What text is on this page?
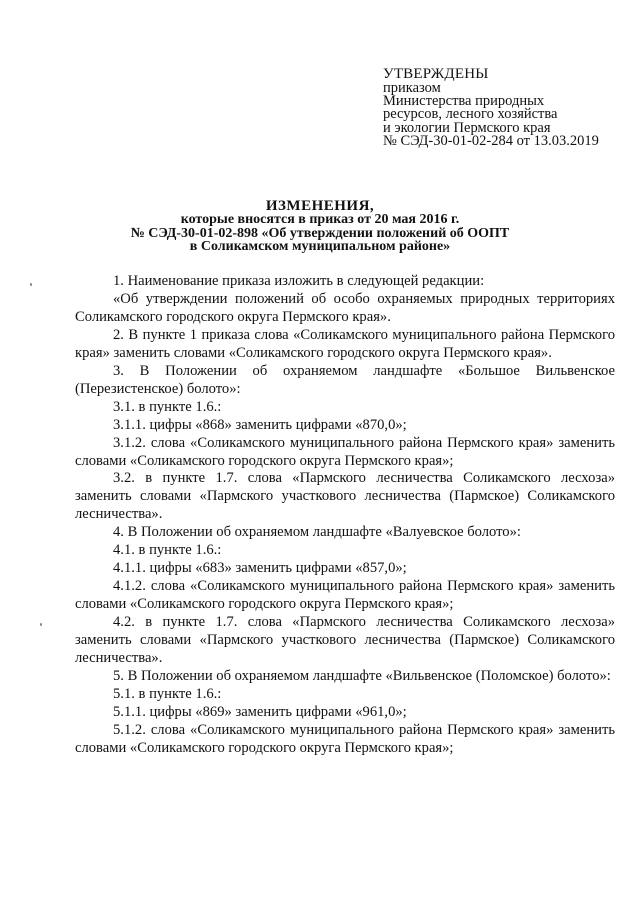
УТВЕРЖДЕНЫ
приказом
Министерства природных
ресурсов, лесного хозяйства
и экологии Пермского края
№ СЭД-30-01-02-284 от 13.03.2019
ИЗМЕНЕНИЯ,
которые вносятся в приказ от 20 мая 2016 г.
№ СЭД-30-01-02-898 «Об утверждении положений об ООПТ
в Соликамском муниципальном районе»

1. Наименование приказа изложить в следующей редакции:

«Об утверждении положений об особо охраняемых природных территориях Соликамского городского округа Пермского края».

2. В пункте 1 приказа слова «Соликамского муниципального района Пермского края» заменить словами «Соликамского городского округа Пермского края».

3. В Положении об охраняемом ландшафте «Большое Вильвенское (Перезистенское) болото»:

3.1. в пункте 1.6.:

3.1.1. цифры «868» заменить цифрами «870,0»;

3.1.2. слова «Соликамского муниципального района Пермского края» заменить словами «Соликамского городского округа Пермского края»;

3.2. в пункте 1.7. слова «Пармского лесничества Соликамского лесхоза» заменить словами «Пармского участкового лесничества (Пармское) Соликамского лесничества».

4. В Положении об охраняемом ландшафте «Валуевское болото»:

4.1. в пункте 1.6.:

4.1.1. цифры «683» заменить цифрами «857,0»;

4.1.2. слова «Соликамского муниципального района Пермского края» заменить словами «Соликамского городского округа Пермского края»;

4.2. в пункте 1.7. слова «Пармского лесничества Соликамского лесхоза» заменить словами «Пармского участкового лесничества (Пармское) Соликамского лесничества».

5. В Положении об охраняемом ландшафте «Вильвенское (Поломское) болото»:

5.1. в пункте 1.6.:

5.1.1. цифры «869» заменить цифрами «961,0»;

5.1.2. слова «Соликамского муниципального района Пермского края» заменить словами «Соликамского городского округа Пермского края»;
